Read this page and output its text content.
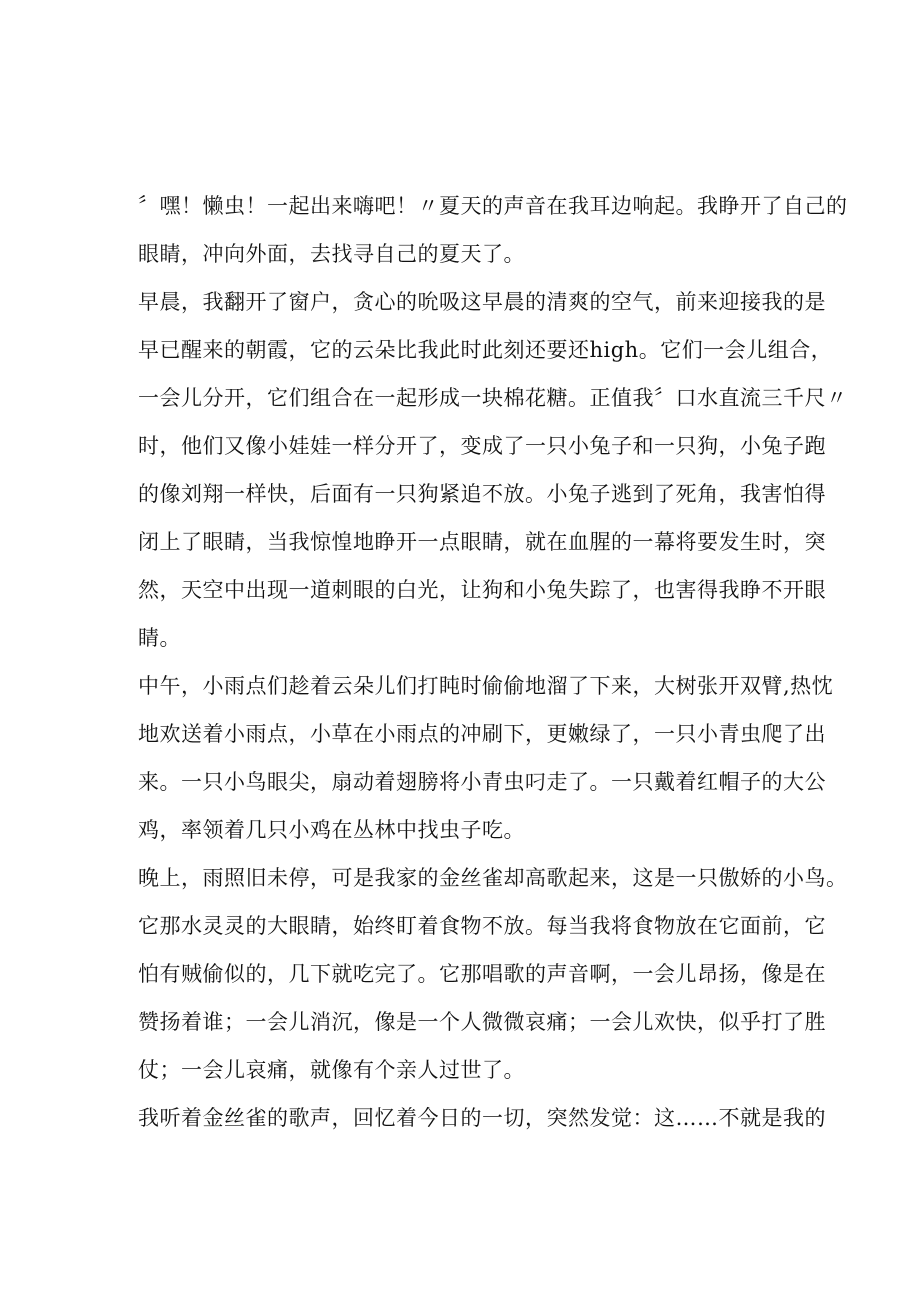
〞嘿！懒虫！一起出来嗨吧！〃夏天的声音在我耳边响起。我睁开了自己的
眼睛，冲向外面，去找寻自己的夏天了。
早晨，我翻开了窗户，贪心的吮吸这早晨的清爽的空气，前来迎接我的是
早已醒来的朝霞，它的云朵比我此时此刻还要还high。它们一会儿组合，
一会儿分开，它们组合在一起形成一块棉花糖。正值我〞口水直流三千尺〃
时，他们又像小娃娃一样分开了，变成了一只小兔子和一只狗，小兔子跑
的像刘翔一样快，后面有一只狗紧追不放。小兔子逃到了死角，我害怕得
闭上了眼睛，当我惊惶地睁开一点眼睛，就在血腥的一幕将要发生时，突
然，天空中出现一道刺眼的白光，让狗和小兔失踪了，也害得我睁不开眼
睛。
中午，小雨点们趁着云朵儿们打盹时偷偷地溜了下来，大树张开双臂,热忱
地欢送着小雨点，小草在小雨点的冲刷下，更嫩绿了，一只小青虫爬了出
来。一只小鸟眼尖，扇动着翅膀将小青虫叼走了。一只戴着红帽子的大公
鸡，率领着几只小鸡在丛林中找虫子吃。
晚上，雨照旧未停，可是我家的金丝雀却高歌起来，这是一只傲娇的小鸟。
它那水灵灵的大眼睛，始终盯着食物不放。每当我将食物放在它面前，它
怕有贼偷似的，几下就吃完了。它那唱歌的声音啊，一会儿昂扬，像是在
赞扬着谁；一会儿消沉，像是一个人微微哀痛；一会儿欢快，似乎打了胜
仗；一会儿哀痛，就像有个亲人过世了。
我听着金丝雀的歌声，回忆着今日的一切，突然发觉：这……不就是我的
